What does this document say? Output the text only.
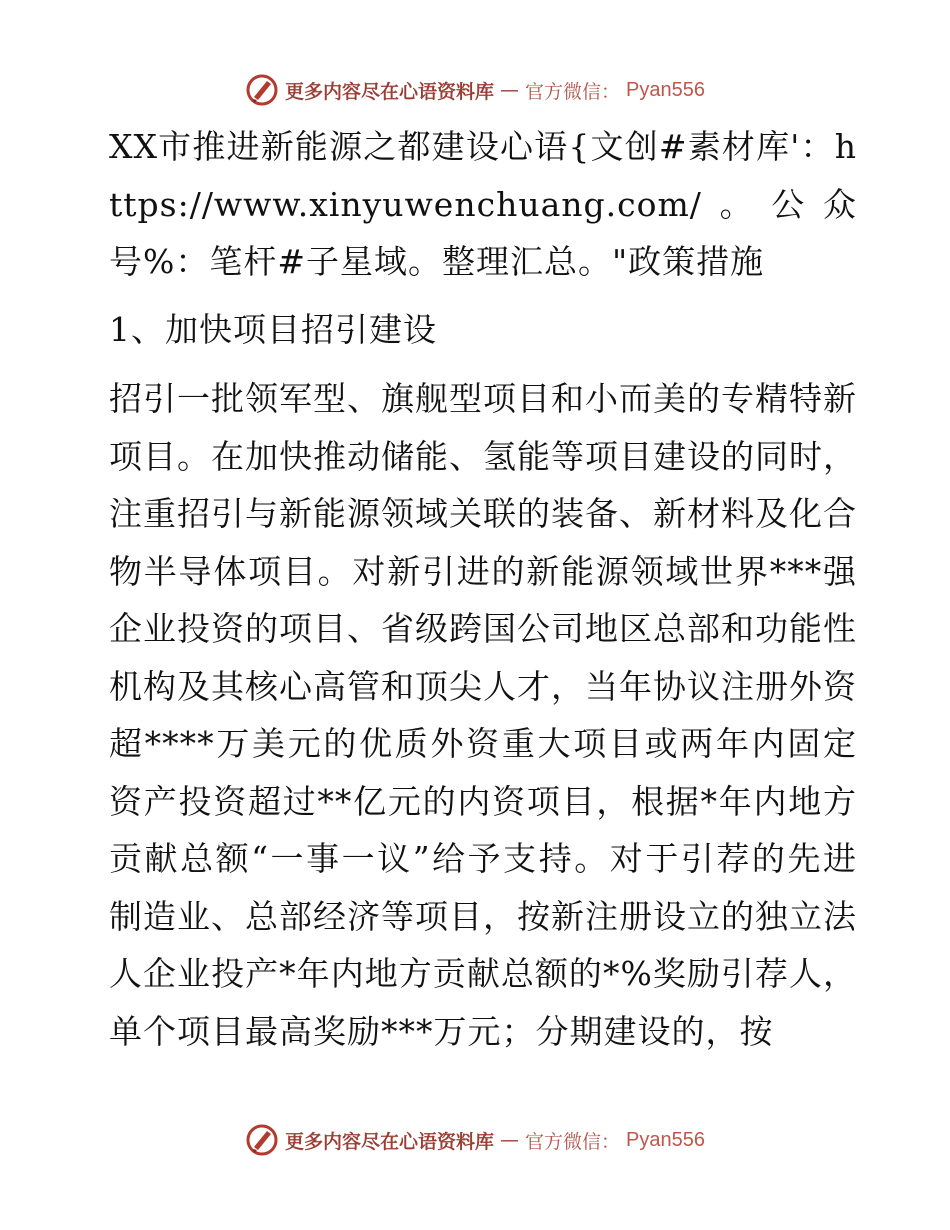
更多内容尽在心语资料库 — 官方微信： Pyan556

XX市推进新能源之都建设心语{文创#素材库'：https://www.xinyuwenchuang.com/。公众号%：笔杆#子星域。整理汇总。"政策措施

1、加快项目招引建设

招引一批领军型、旗舰型项目和小而美的专精特新项目。在加快推动储能、氢能等项目建设的同时，注重招引与新能源领域关联的装备、新材料及化合物半导体项目。对新引进的新能源领域世界***强企业投资的项目、省级跨国公司地区总部和功能性机构及其核心高管和顶尖人才，当年协议注册外资超****万美元的优质外资重大项目或两年内固定资产投资超过**亿元的内资项目，根据*年内地方贡献总额“一事一议”给予支持。对于引荐的先进制造业、总部经济等项目，按新注册设立的独立法人企业投产*年内地方贡献总额的*%奖励引荐人，单个项目最高奖励***万元；分期建设的，按

更多内容尽在心语资料库 — 官方微信： Pyan556
